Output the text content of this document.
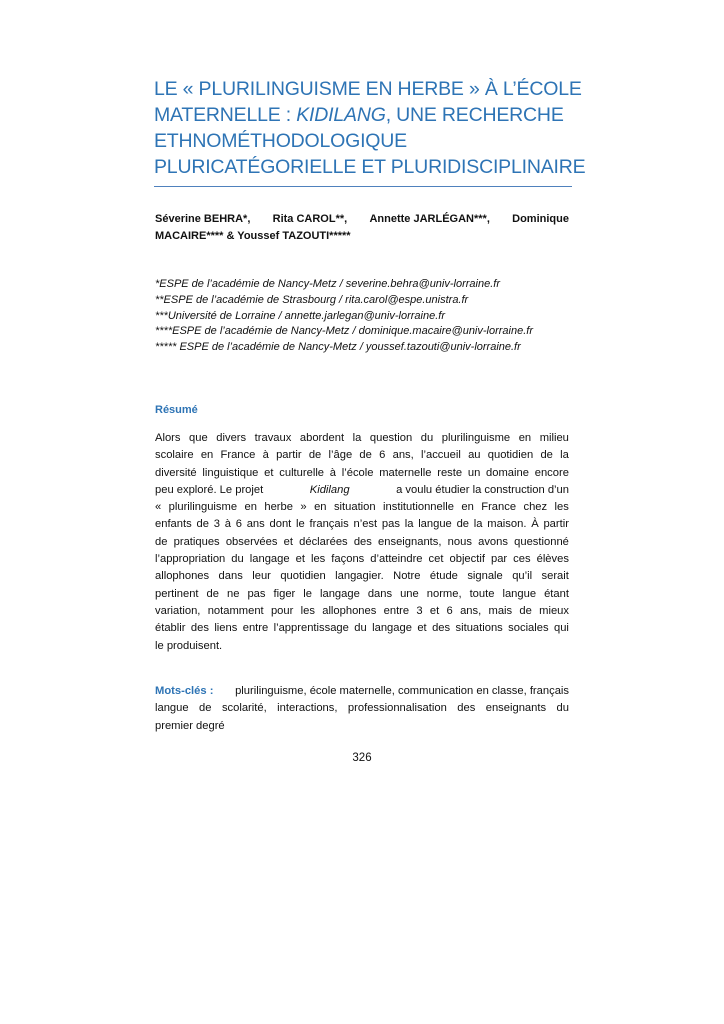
LE « PLURILINGUISME EN HERBE » À L’ÉCOLE
MATERNELLE : KIDILANG, UNE RECHERCHE
ETHNOMÉTHODOLOGIQUE
PLURICATÉGORIELLE ET PLURIDISCIPLINAIRE
Séverine BEHRA*, Rita CAROL**, Annette JARLÉGAN***, Dominique
MACAIRE**** & Youssef TAZOUTI*****
*ESPE de l’académie de Nancy-Metz / severine.behra@univ-lorraine.fr
**ESPE de l’académie de Strasbourg / rita.carol@espe.unistra.fr
***Université de Lorraine / annette.jarlegan@univ-lorraine.fr
****ESPE de l’académie de Nancy-Metz / dominique.macaire@univ-lorraine.fr
***** ESPE de l’académie de Nancy-Metz / youssef.tazouti@univ-lorraine.fr
Résumé
Alors que divers travaux abordent la question du plurilinguisme en milieu
scolaire en France à partir de l’âge de 6 ans, l’accueil au quotidien de la
diversité linguistique et culturelle à l’école maternelle reste un domaine encore
peu exploré. Le projet	Kidilang	a voulu étudier la construction d’un
« plurilinguisme en herbe » en situation institutionnelle en France chez les
enfants de 3 à 6 ans dont le français n’est pas la langue de la maison. À partir
de pratiques observées et déclarées des enseignants, nous avons questionné
l’appropriation du langage et les façons d’atteindre cet objectif par ces élèves
allophones dans leur quotidien langagier. Notre étude signale qu’il serait
pertinent de ne pas figer le langage dans une norme, toute langue étant
variation, notamment pour les allophones entre 3 et 6 ans, mais de mieux
établir des liens entre l’apprentissage du langage et des situations sociales qui
le produisent.
Mots-clés : plurilinguisme, école maternelle, communication en classe, français
langue de scolarité, interactions, professionnalisation des enseignants du
premier degré
326
